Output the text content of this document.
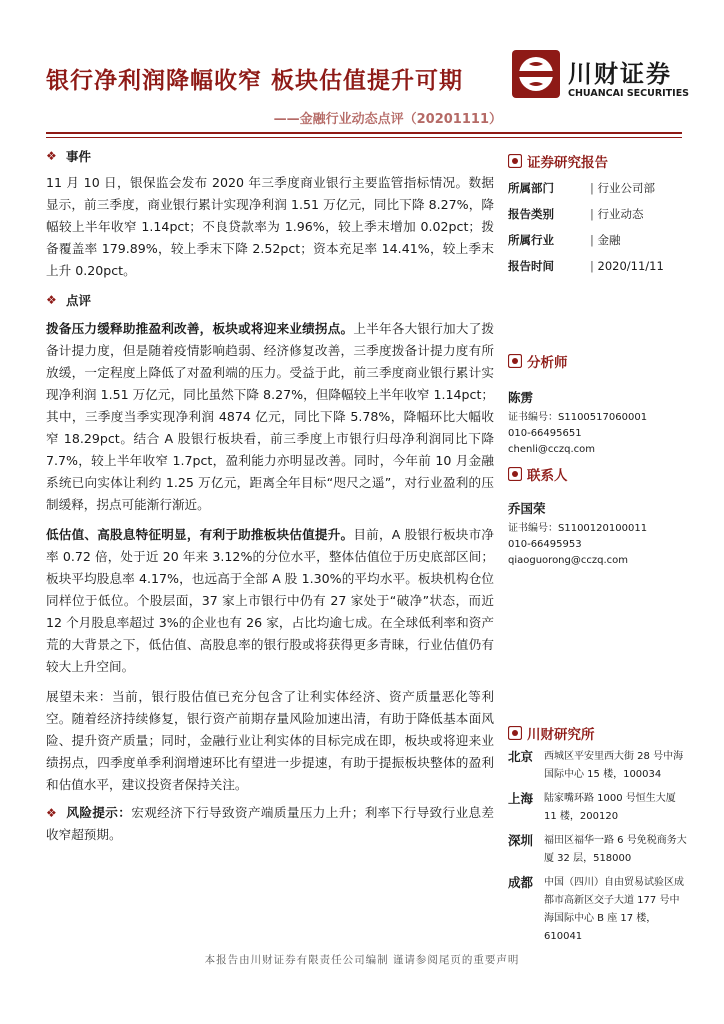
银行净利润降幅收窄 板块估值提升可期
——金融行业动态点评（20201111）
川财证券
CHUANCAI SECURITIES
❖ 事件

11 月 10 日，银保监会发布 2020 年三季度商业银行主要监管指标情况。数据显示，前三季度，商业银行累计实现净利润 1.51 万亿元，同比下降 8.27%，降幅较上半年收窄 1.14pct；不良贷款率为 1.96%，较上季末增加 0.02pct；拨备覆盖率 179.89%，较上季末下降 2.52pct；资本充足率 14.41%，较上季末上升 0.20pct。

❖ 点评

拨备压力缓释助推盈利改善，板块或将迎来业绩拐点。上半年各大银行加大了拨备计提力度，但是随着疫情影响趋弱、经济修复改善，三季度拨备计提力度有所放缓，一定程度上降低了对盈利端的压力。受益于此，前三季度商业银行累计实现净利润 1.51 万亿元，同比虽然下降 8.27%，但降幅较上半年收窄 1.14pct；其中，三季度当季实现净利润 4874 亿元，同比下降 5.78%，降幅环比大幅收窄 18.29pct。结合 A 股银行板块看，前三季度上市银行归母净利润同比下降 7.7%，较上半年收窄 1.7pct，盈利能力亦明显改善。同时，今年前 10 月金融系统已向实体让利约 1.25 万亿元，距离全年目标“咫尺之遥”，对行业盈利的压制缓释，拐点可能渐行渐近。

低估值、高股息特征明显，有利于助推板块估值提升。目前，A 股银行板块市净率 0.72 倍，处于近 20 年来 3.12%的分位水平，整体估值位于历史底部区间；板块平均股息率 4.17%，也远高于全部 A 股 1.30%的平均水平。板块机构仓位同样位于低位。个股层面，37 家上市银行中仍有 27 家处于“破净”状态，而近 12 个月股息率超过 3%的企业也有 26 家，占比均逾七成。在全球低利率和资产荒的大背景之下，低估值、高股息率的银行股或将获得更多青睐，行业估值仍有较大上升空间。

展望未来：当前，银行股估值已充分包含了让利实体经济、资产质量恶化等利空。随着经济持续修复，银行资产前期存量风险加速出清，有助于降低基本面风险、提升资产质量；同时，金融行业让利实体的目标完成在即，板块或将迎来业绩拐点，四季度单季利润增速环比有望进一步提速，有助于提振板块整体的盈利和估值水平，建议投资者保持关注。

❖ 风险提示：宏观经济下行导致资产端质量压力上升；利率下行导致行业息差收窄超预期。

证券研究报告
所属部门	| 行业公司部
报告类别	| 行业动态
所属行业	| 金融
报告时间	| 2020/11/11
分析师
陈雳
证书编号：S1100517060001
010-66495651
chenli@cczq.com
联系人
乔国荣
证书编号：S1100120100011
010-66495953
qiaoguorong@cczq.com
川财研究所
北京	西城区平安里西大街 28 号中海国际中心 15 楼，100034
上海	陆家嘴环路 1000 号恒生大厦 11 楼，200120
深圳	福田区福华一路 6 号免税商务大厦 32 层，518000
成都	中国（四川）自由贸易试验区成都市高新区交子大道 177 号中海国际中心 B 座 17 楼，610041
本报告由川财证券有限责任公司编制 谨请参阅尾页的重要声明
